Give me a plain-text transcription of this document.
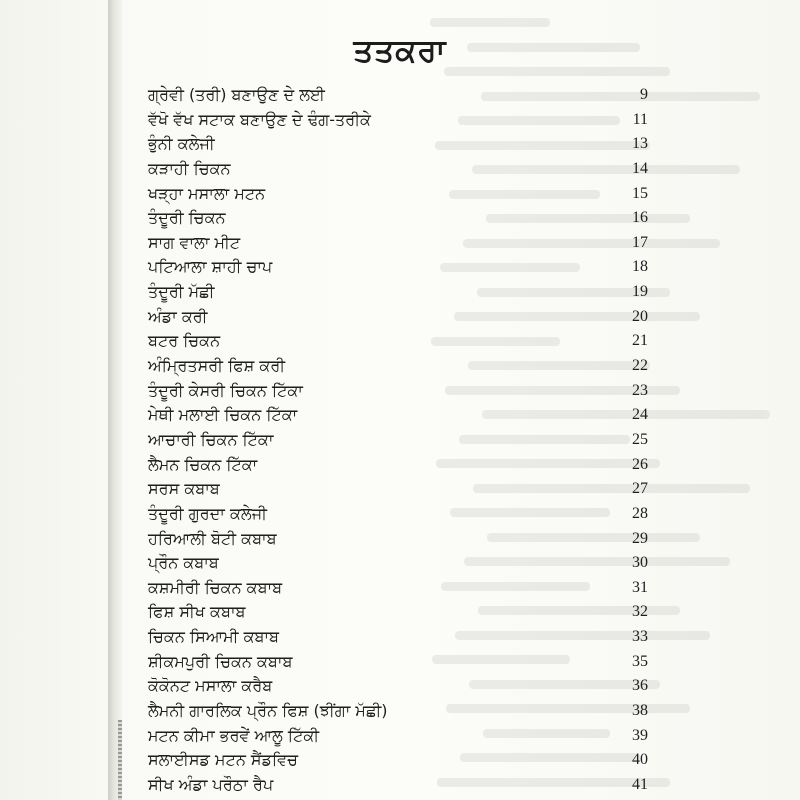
ਤਤਕਰਾ
ਗ੍ਰੇਵੀ (ਤਰੀ) ਬਣਾਉਣ ਦੇ ਲਈ	9
ਵੱਖੋ ਵੱਖ ਸਟਾਕ ਬਣਾਉਣ ਦੇ ਢੰਗ-ਤਰੀਕੇ	11
ਭੁੰਨੀ ਕਲੇਜੀ	13
ਕੜਾਹੀ ਚਿਕਨ	14
ਖੜ੍ਹਾ ਮਸਾਲਾ ਮਟਨ	15
ਤੰਦੂਰੀ ਚਿਕਨ	16
ਸਾਗ ਵਾਲਾ ਮੀਟ	17
ਪਟਿਆਲਾ ਸ਼ਾਹੀ ਚਾਪ	18
ਤੰਦੂਰੀ ਮੱਛੀ	19
ਅੰਡਾ ਕਰੀ	20
ਬਟਰ ਚਿਕਨ	21
ਅੰਮ੍ਰਿਤਸਰੀ ਫਿਸ਼ ਕਰੀ	22
ਤੰਦੂਰੀ ਕੇਸਰੀ ਚਿਕਨ ਟਿੱਕਾ	23
ਮੇਥੀ ਮਲਾਈ ਚਿਕਨ ਟਿੱਕਾ	24
ਆਚਾਰੀ ਚਿਕਨ ਟਿੱਕਾ	25
ਲੈਮਨ ਚਿਕਨ ਟਿੱਕਾ	26
ਸਰਸ ਕਬਾਬ	27
ਤੰਦੂਰੀ ਗੁਰਦਾ ਕਲੇਜੀ	28
ਹਰਿਆਲੀ ਬੋਟੀ ਕਬਾਬ	29
ਪ੍ਰੌਨ ਕਬਾਬ	30
ਕਸ਼ਮੀਰੀ ਚਿਕਨ ਕਬਾਬ	31
ਫਿਸ਼ ਸੀਖ ਕਬਾਬ	32
ਚਿਕਨ ਸਿਆਮੀ ਕਬਾਬ	33
ਸ਼ੀਕਮਪੁਰੀ ਚਿਕਨ ਕਬਾਬ	35
ਕੋਕੋਨਟ ਮਸਾਲਾ ਕਰੈਬ	36
ਲੈਮਨੀ ਗਾਰਲਿਕ ਪ੍ਰੌਨ ਫਿਸ਼ (ਝੀਂਗਾ ਮੱਛੀ)	38
ਮਟਨ ਕੀਮਾ ਭਰਵੇਂ ਆਲੂ ਟਿੱਕੀ	39
ਸਲਾਈਸਡ ਮਟਨ ਸੈਂਡਵਿਚ	40
ਸੀਖ ਅੰਡਾ ਪਰੌਠਾ ਰੈਪ	41
